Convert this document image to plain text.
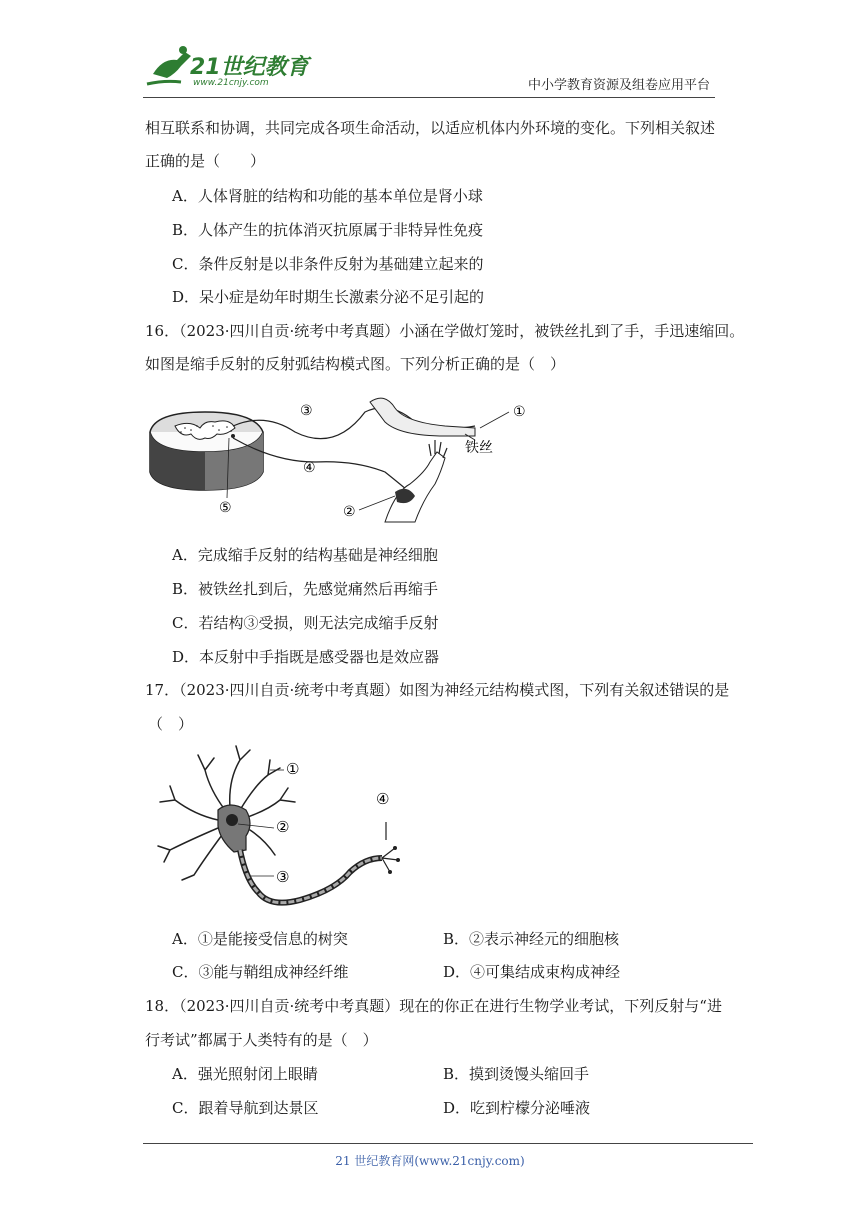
21世纪教育
www.21cnjy.com	中小学教育资源及组卷应用平台
相互联系和协调，共同完成各项生命活动，以适应机体内外环境的变化。下列相关叙述
正确的是（　　）
A．人体肾脏的结构和功能的基本单位是肾小球
B．人体产生的抗体消灭抗原属于非特异性免疫
C．条件反射是以非条件反射为基础建立起来的
D．呆小症是幼年时期生长激素分泌不足引起的
16．（2023·四川自贡·统考中考真题）小涵在学做灯笼时，被铁丝扎到了手，手迅速缩回。
如图是缩手反射的反射弧结构模式图。下列分析正确的是（　）
③	①
④
铁丝
②
⑤
A．完成缩手反射的结构基础是神经细胞
B．被铁丝扎到后，先感觉痛然后再缩手
C．若结构③受损，则无法完成缩手反射
D．本反射中手指既是感受器也是效应器
17．（2023·四川自贡·统考中考真题）如图为神经元结构模式图，下列有关叙述错误的是
（　）
①
②
③
④
A．①是能接受信息的树突	B．②表示神经元的细胞核
C．③能与鞘组成神经纤维	D．④可集结成束构成神经
18．（2023·四川自贡·统考中考真题）现在的你正在进行生物学业考试，下列反射与“进
行考试”都属于人类特有的是（　）
A．强光照射闭上眼睛	B．摸到烫馒头缩回手
C．跟着导航到达景区	D．吃到柠檬分泌唾液
21 世纪教育网(www.21cnjy.com)
